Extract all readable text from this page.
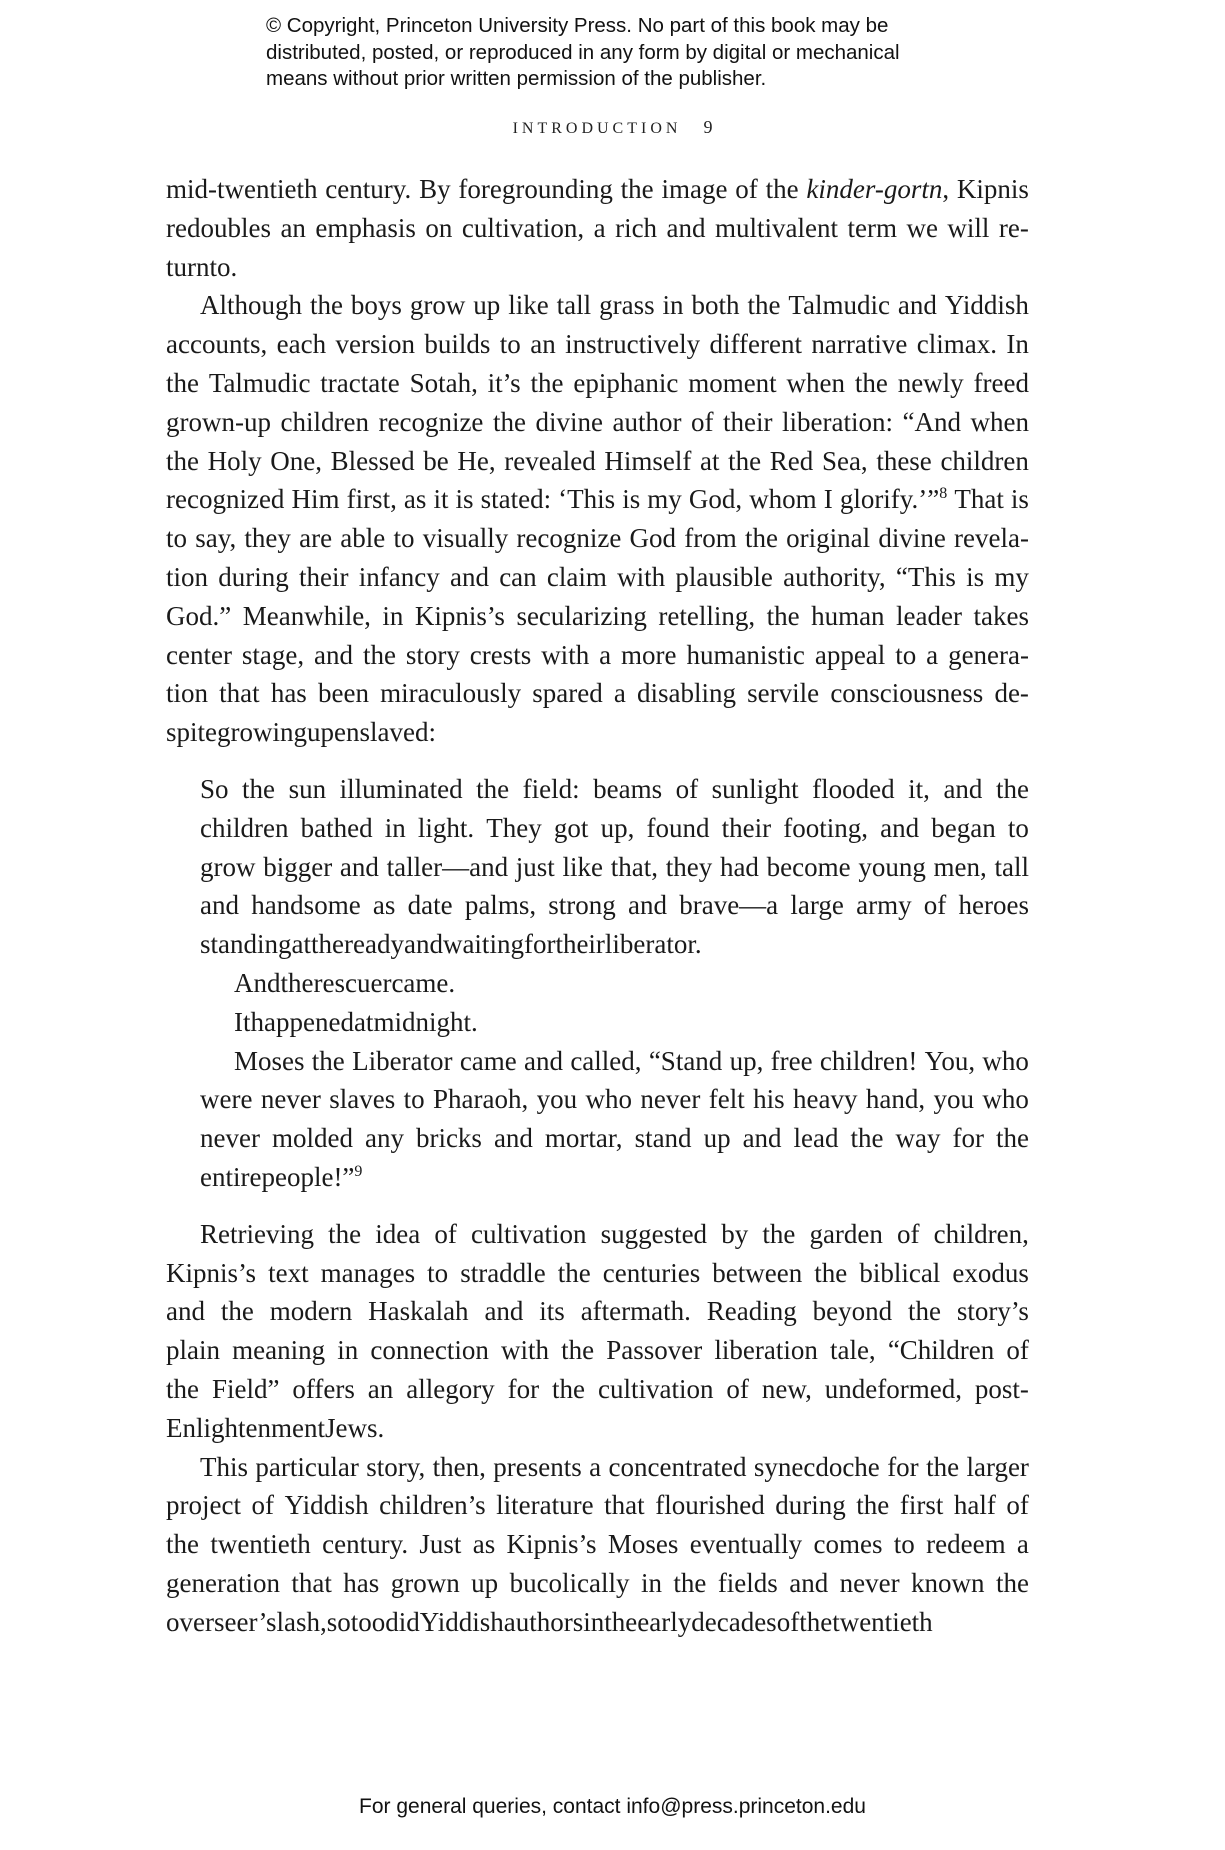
© Copyright, Princeton University Press. No part of this book may be
distributed, posted, or reproduced in any form by digital or mechanical
means without prior written permission of the publisher.
INTRODUCTION 9
mid-twentieth century. By foregrounding the image of the kinder-gortn, Kipnis
redoubles an emphasis on cultivation, a rich and multivalent term we will re-
turn to.
Although the boys grow up like tall grass in both the Talmudic and Yiddish
accounts, each version builds to an instructively different narrative climax. In
the Talmudic tractate Sotah, it’s the epiphanic moment when the newly freed
grown-up children recognize the divine author of their liberation: “And when
the Holy One, Blessed be He, revealed Himself at the Red Sea, these children
recognized Him first, as it is stated: ‘This is my God, whom I glorify.’”$^8$ That is
to say, they are able to visually recognize God from the original divine revela-
tion during their infancy and can claim with plausible authority, “This is my
God.” Meanwhile, in Kipnis’s secularizing retelling, the human leader takes
center stage, and the story crests with a more humanistic appeal to a genera-
tion that has been miraculously spared a disabling servile consciousness de-
spite growing up enslaved:
So the sun illuminated the field: beams of sunlight flooded it, and the
children bathed in light. They got up, found their footing, and began to
grow bigger and taller—and just like that, they had become young men, tall
and handsome as date palms, strong and brave—a large army of heroes
standing at the ready and waiting for their liberator.
And the rescuer came.
It happened at midnight.
Moses the Liberator came and called, “Stand up, free children! You, who
were never slaves to Pharaoh, you who never felt his heavy hand, you who
never molded any bricks and mortar, stand up and lead the way for the
entire people!”$^9$
Retrieving the idea of cultivation suggested by the garden of children,
Kipnis’s text manages to straddle the centuries between the biblical exodus
and the modern Haskalah and its aftermath. Reading beyond the story’s
plain meaning in connection with the Passover liberation tale, “Children of
the Field” offers an allegory for the cultivation of new, undeformed, post-
Enlightenment Jews.
This particular story, then, presents a concentrated synecdoche for the larger
project of Yiddish children’s literature that flourished during the first half of
the twentieth century. Just as Kipnis’s Moses eventually comes to redeem a
generation that has grown up bucolically in the fields and never known the
overseer’s lash, so too did Yiddish authors in the early decades of the twentieth
For general queries, contact info@press.princeton.edu
